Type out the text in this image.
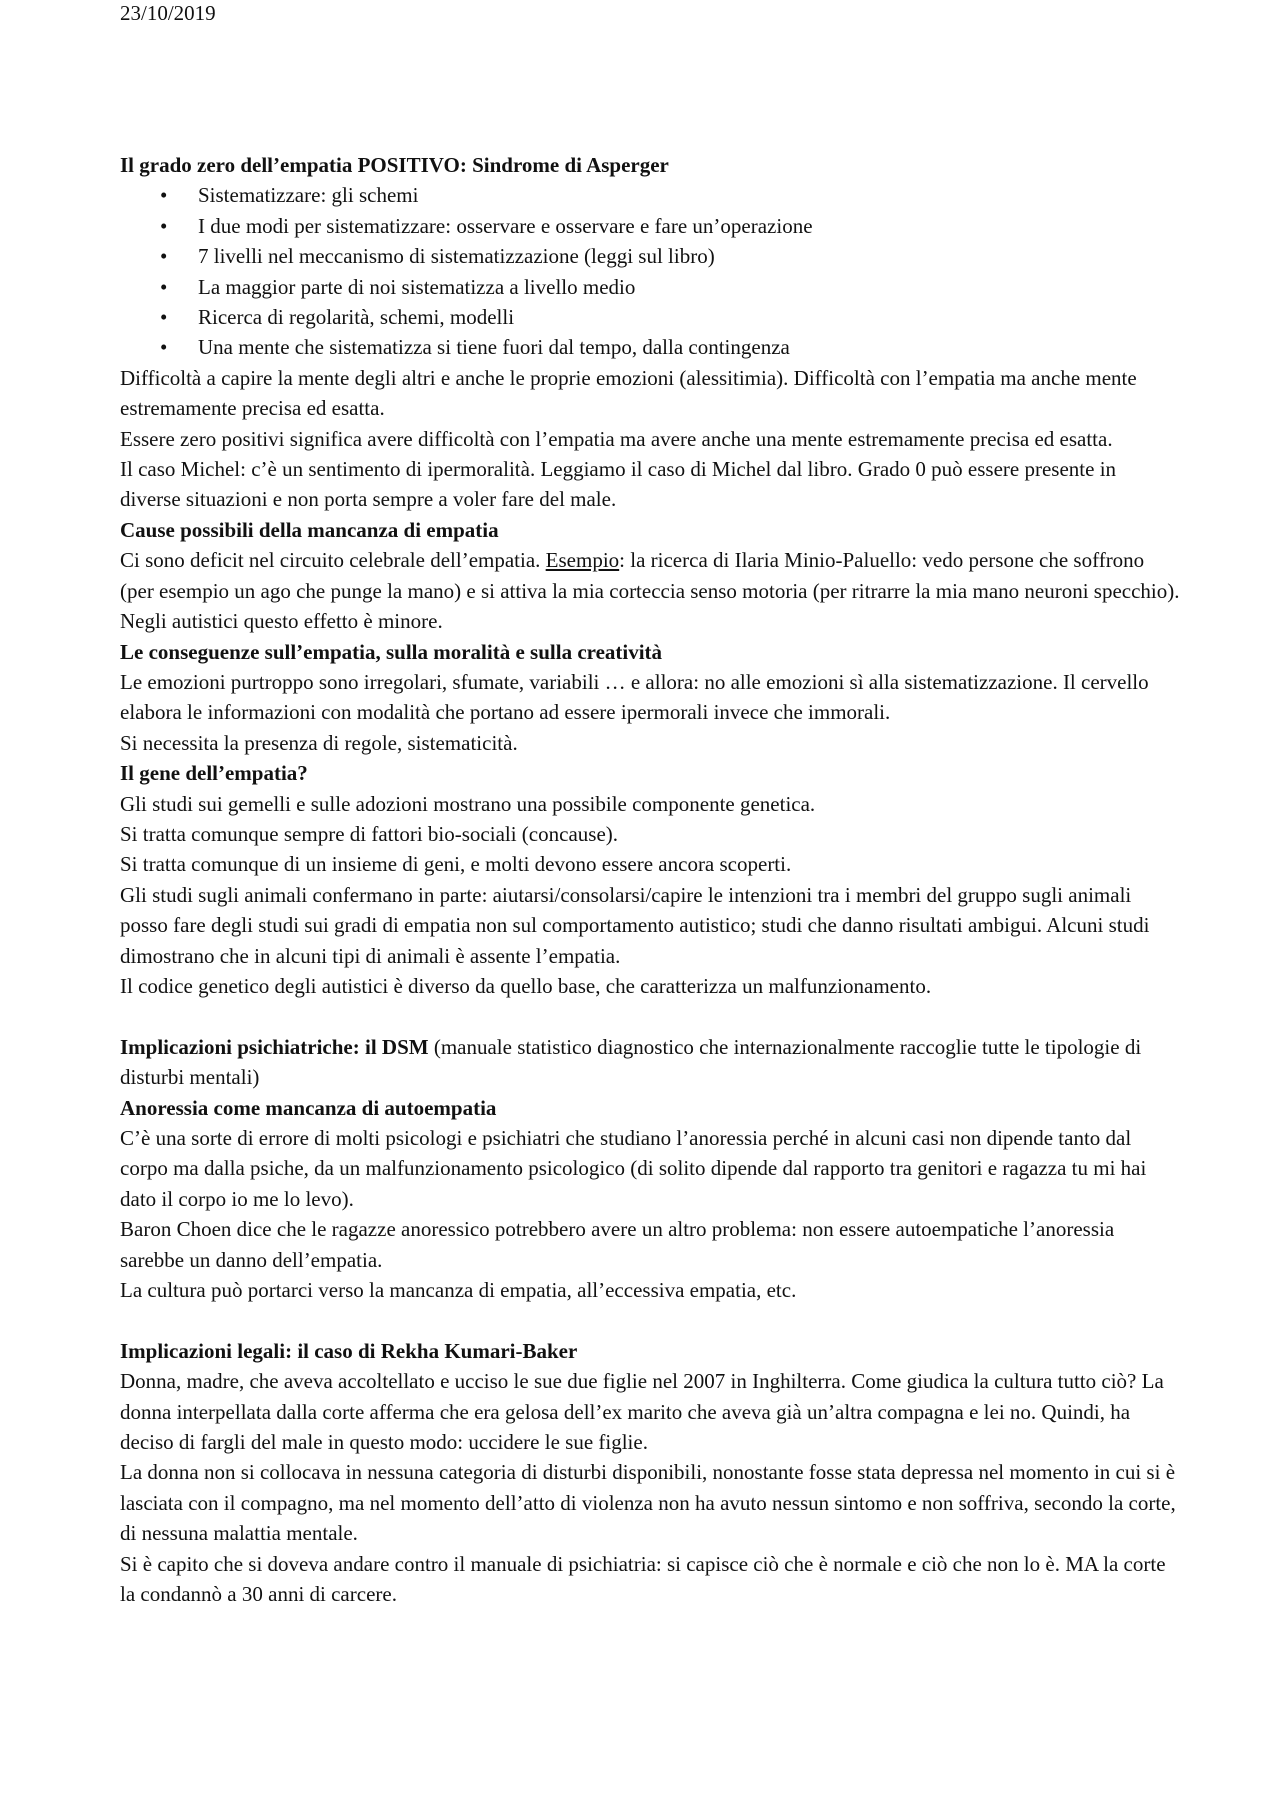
23/10/2019

Il grado zero dell’empatia POSITIVO: Sindrome di Asperger

• Sistematizzare: gli schemi
• I due modi per sistematizzare: osservare e osservare e fare un’operazione
• 7 livelli nel meccanismo di sistematizzazione (leggi sul libro)
• La maggior parte di noi sistematizza a livello medio
• Ricerca di regolarità, schemi, modelli
• Una mente che sistematizza si tiene fuori dal tempo, dalla contingenza

Difficoltà a capire la mente degli altri e anche le proprie emozioni (alessitimia). Difficoltà con l’empatia ma anche mente estremamente precisa ed esatta.

Essere zero positivi significa avere difficoltà con l’empatia ma avere anche una mente estremamente precisa ed esatta.

Il caso Michel: c’è un sentimento di ipermoralità. Leggiamo il caso di Michel dal libro. Grado 0 può essere presente in diverse situazioni e non porta sempre a voler fare del male.

Cause possibili della mancanza di empatia

Ci sono deficit nel circuito celebrale dell’empatia. Esempio: la ricerca di Ilaria Minio-Paluello: vedo persone che soffrono (per esempio un ago che punge la mano) e si attiva la mia corteccia senso motoria (per ritrarre la mia mano neuroni specchio). Negli autistici questo effetto è minore.

Le conseguenze sull’empatia, sulla moralità e sulla creatività

Le emozioni purtroppo sono irregolari, sfumate, variabili … e allora: no alle emozioni sì alla sistematizzazione. Il cervello elabora le informazioni con modalità che portano ad essere ipermorali invece che immorali.

Si necessita la presenza di regole, sistematicità.

Il gene dell’empatia?

Gli studi sui gemelli e sulle adozioni mostrano una possibile componente genetica.

Si tratta comunque sempre di fattori bio-sociali (concause).

Si tratta comunque di un insieme di geni, e molti devono essere ancora scoperti.

Gli studi sugli animali confermano in parte: aiutarsi/consolarsi/capire le intenzioni tra i membri del gruppo sugli animali posso fare degli studi sui gradi di empatia non sul comportamento autistico; studi che danno risultati ambigui. Alcuni studi dimostrano che in alcuni tipi di animali è assente l’empatia.

Il codice genetico degli autistici è diverso da quello base, che caratterizza un malfunzionamento.

Implicazioni psichiatriche: il DSM (manuale statistico diagnostico che internazionalmente raccoglie tutte le tipologie di disturbi mentali)

Anoressia come mancanza di autoempatia

C’è una sorte di errore di molti psicologi e psichiatri che studiano l’anoressia perché in alcuni casi non dipende tanto dal corpo ma dalla psiche, da un malfunzionamento psicologico (di solito dipende dal rapporto tra genitori e ragazza tu mi hai dato il corpo io me lo levo).

Baron Choen dice che le ragazze anoressico potrebbero avere un altro problema: non essere autoempatiche l’anoressia sarebbe un danno dell’empatia.

La cultura può portarci verso la mancanza di empatia, all’eccessiva empatia, etc.

Implicazioni legali: il caso di Rekha Kumari-Baker

Donna, madre, che aveva accoltellato e ucciso le sue due figlie nel 2007 in Inghilterra. Come giudica la cultura tutto ciò? La donna interpellata dalla corte afferma che era gelosa dell’ex marito che aveva già un’altra compagna e lei no. Quindi, ha deciso di fargli del male in questo modo: uccidere le sue figlie.

La donna non si collocava in nessuna categoria di disturbi disponibili, nonostante fosse stata depressa nel momento in cui si è lasciata con il compagno, ma nel momento dell’atto di violenza non ha avuto nessun sintomo e non soffriva, secondo la corte, di nessuna malattia mentale.

Si è capito che si doveva andare contro il manuale di psichiatria: si capisce ciò che è normale e ciò che non lo è. MA la corte la condannò a 30 anni di carcere.
